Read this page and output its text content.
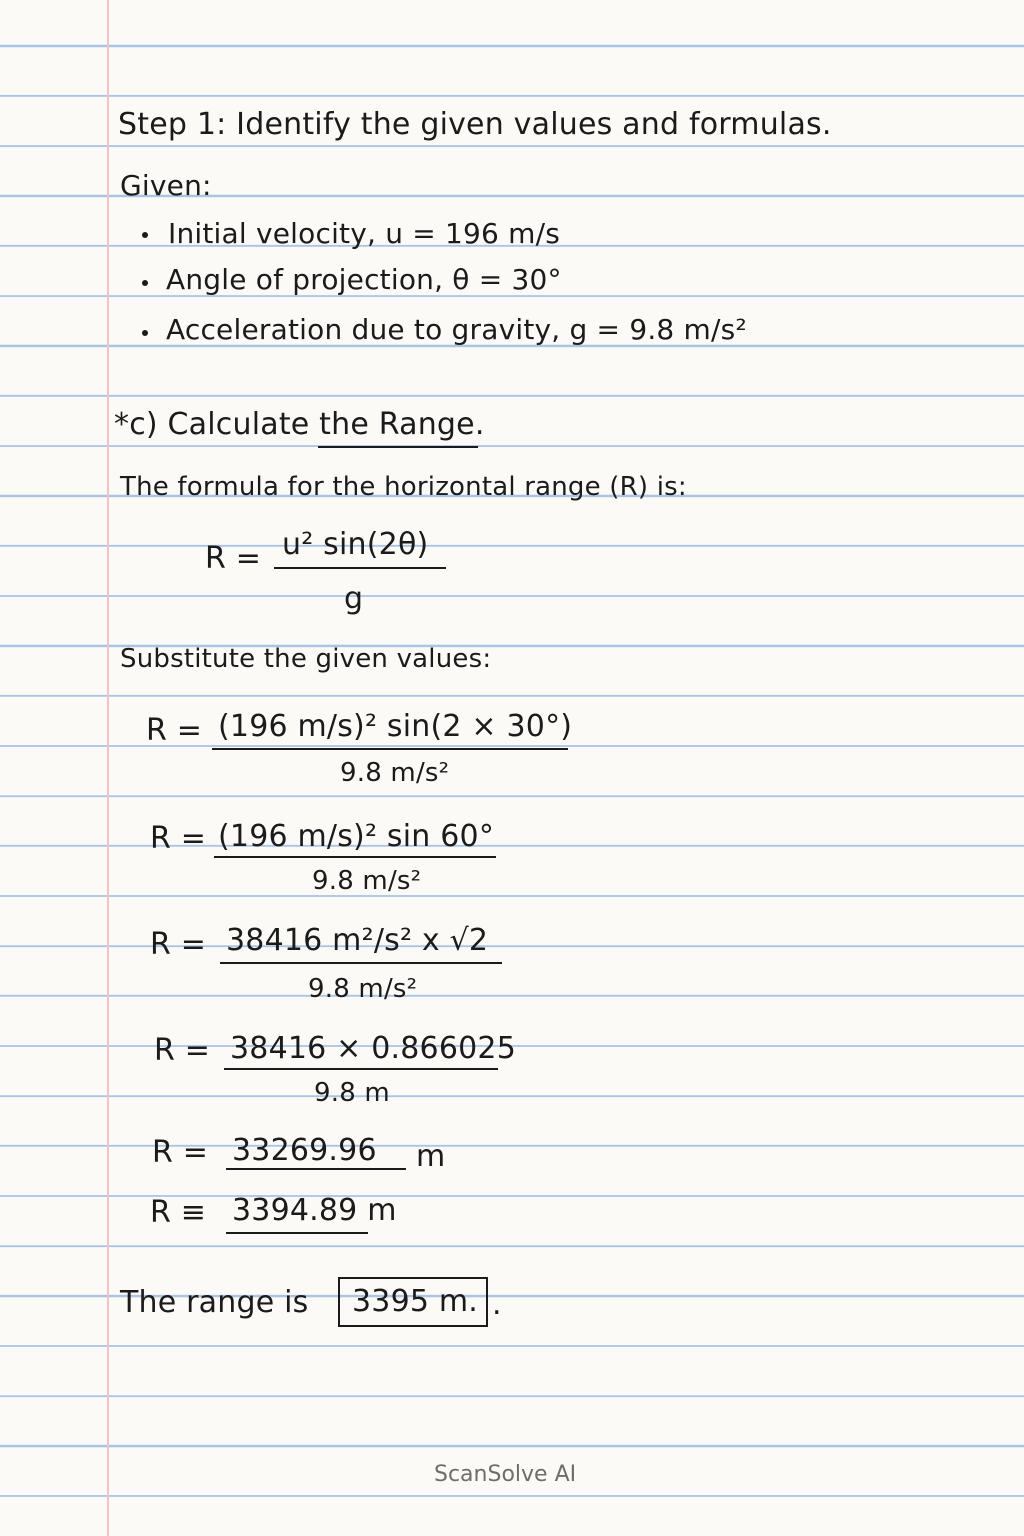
Step 1: Identify the given values and formulas.
Given:
Initial velocity, u = 196 m/s
Angle of projection, θ = 30°
Acceleration due to gravity, g = 9.8 m/s²
*c) Calculate the Range.
The formula for the horizontal range (R) is:
R = u² sin(2θ)
g
Substitute the given values:
R = (196 m/s)² sin(2 × 30°)
9.8 m/s²
R = (196 m/s)² sin 60°
9.8 m/s²
R = 38416 m²/s² x √2
9.8 m/s²
R = 38416 × 0.866025
9.8 m
R = 33269.96 m
R ≡ 3394.89 m
The range is 3395 m. .
ScanSolve AI
